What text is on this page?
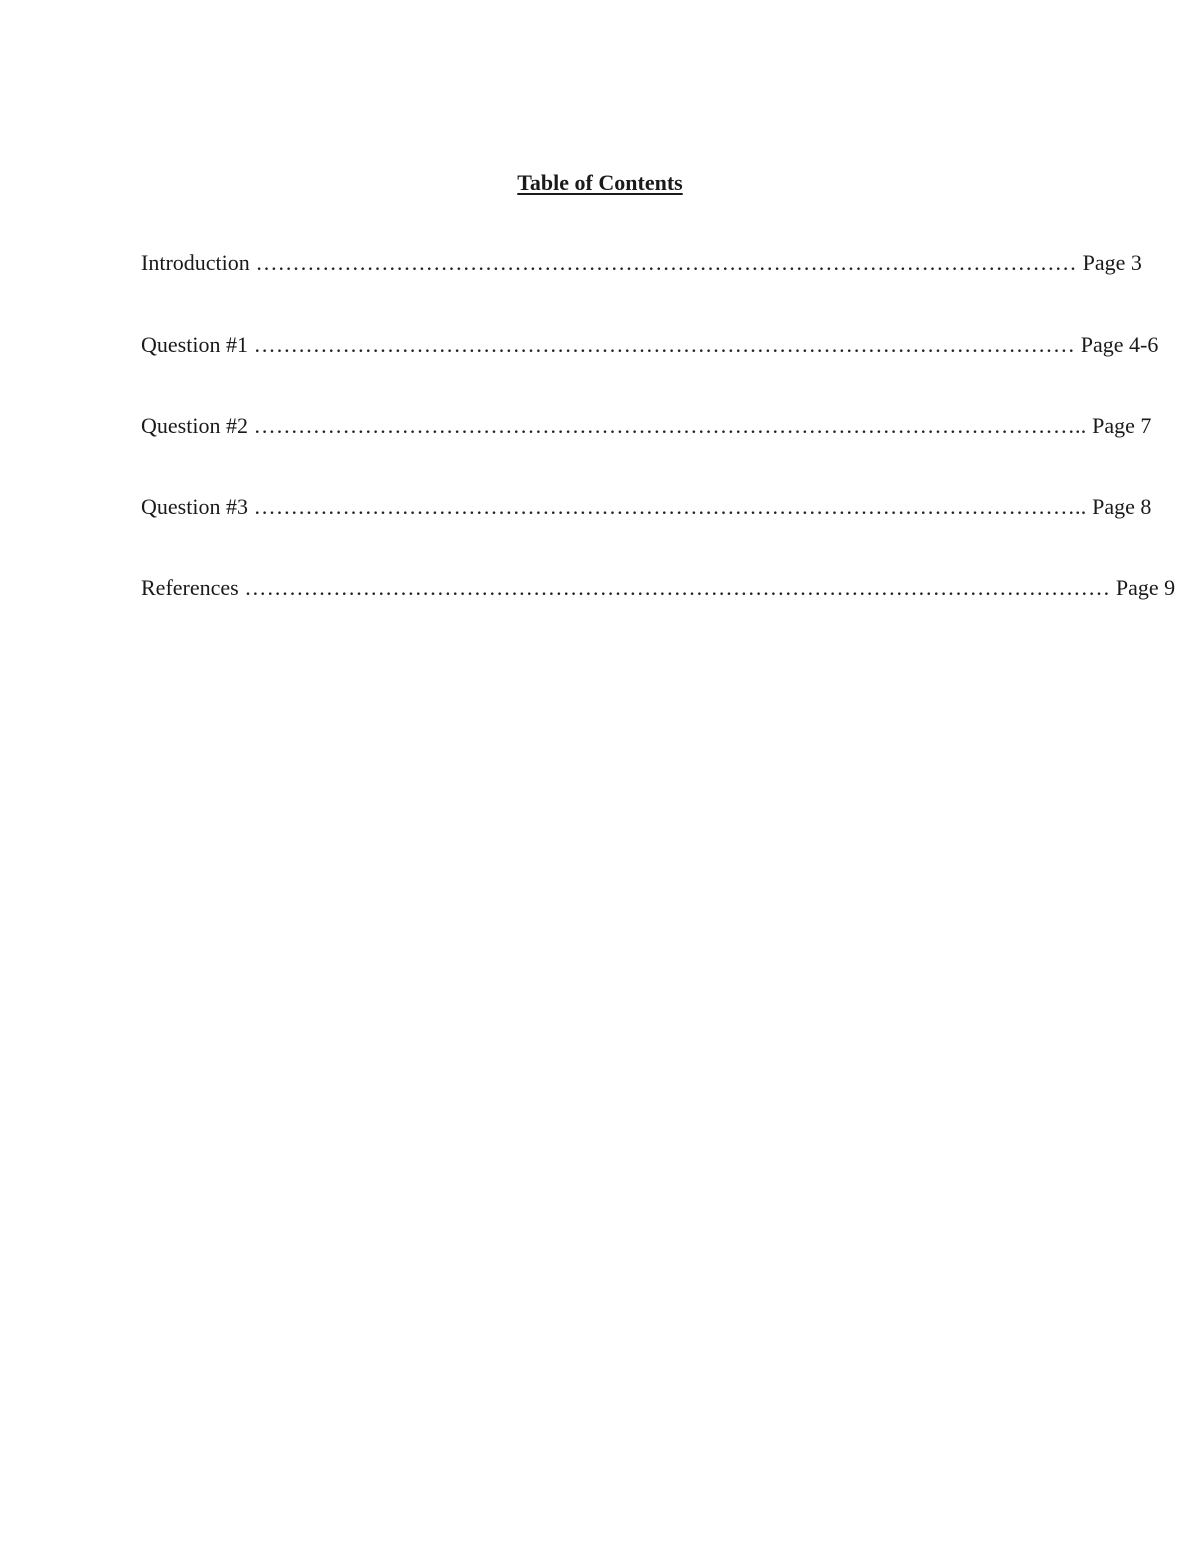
Table of Contents
Introduction ………………………………………………………………………………………………… Page 3
Question #1 ………………………………………………………………………………………………… Page 4-6
Question #2 ………………………………………………………………………………………………….. Page 7
Question #3 ………………………………………………………………………………………………….. Page 8
References ……………………………………………………………………………………………………… Page 9
